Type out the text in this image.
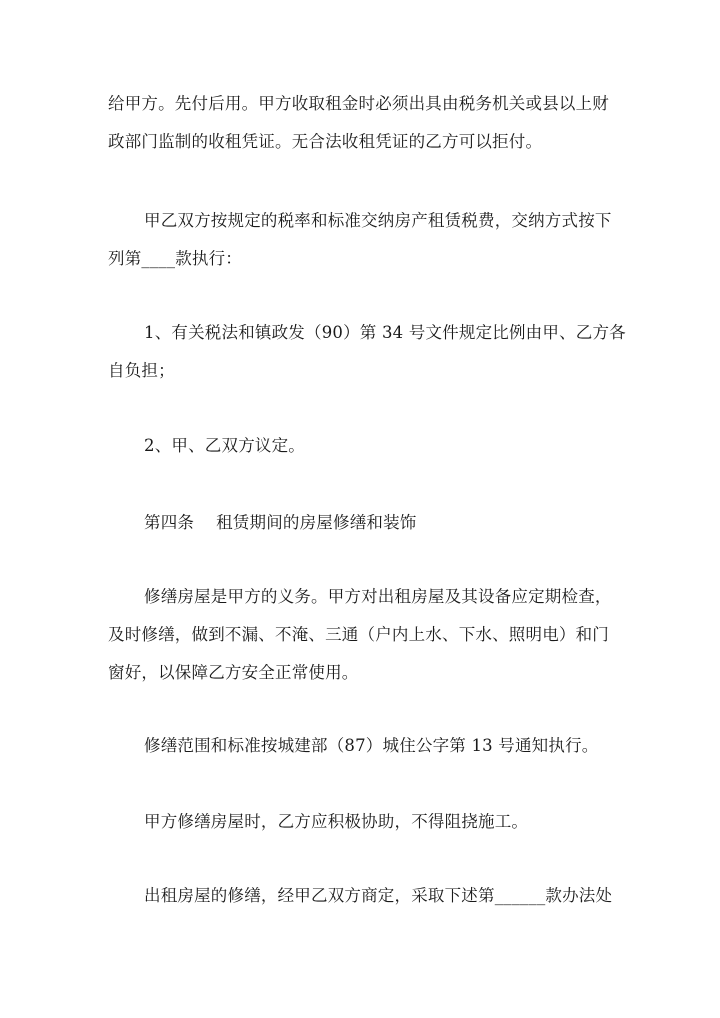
给甲方。先付后用。甲方收取租金时必须出具由税务机关或县以上财
政部门监制的收租凭证。无合法收租凭证的乙方可以拒付。
甲乙双方按规定的税率和标准交纳房产租赁税费，交纳方式按下
列第____款执行：
1、有关税法和镇政发（90）第 34 号文件规定比例由甲、乙方各
自负担；
2、甲、乙双方议定。
第四条 租赁期间的房屋修缮和装饰
修缮房屋是甲方的义务。甲方对出租房屋及其设备应定期检查，
及时修缮，做到不漏、不淹、三通（户内上水、下水、照明电）和门
窗好，以保障乙方安全正常使用。
修缮范围和标准按城建部（87）城住公字第 13 号通知执行。
甲方修缮房屋时，乙方应积极协助，不得阻挠施工。
出租房屋的修缮，经甲乙双方商定，采取下述第______款办法处
